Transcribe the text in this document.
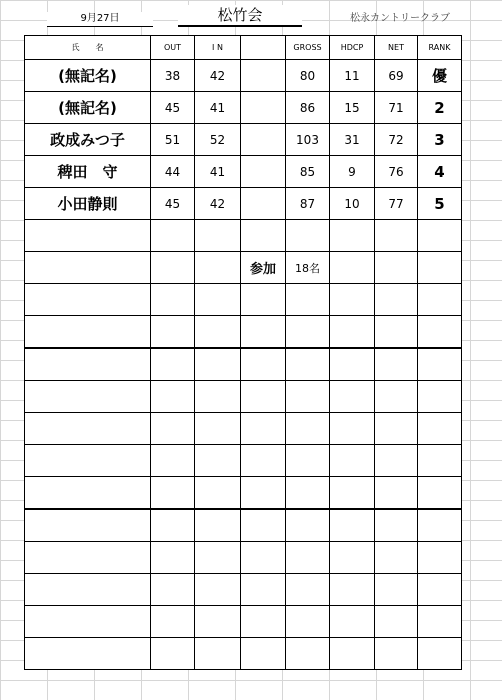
9月27日	松竹会	松永カントリークラブ
氏　　名	OUT	I N		GROSS	HDCP	NET	RANK
(無記名)	38	42		80	11	69	優
(無記名)	45	41		86	15	71	2
政成みつ子	51	52		103	31	72	3
稗田　守	44	41		85	9	76	4
小田静則	45	42		87	10	77	5

			参加	18名			
